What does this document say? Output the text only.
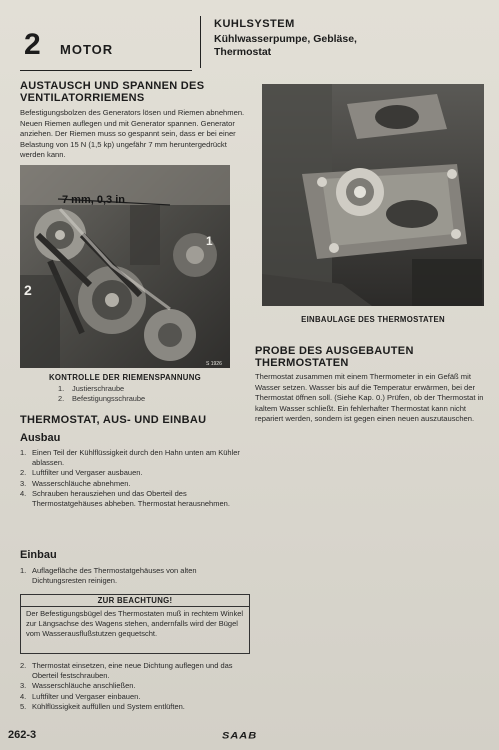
2 MOTOR
KUHLSYSTEM
Kühlwasserpumpe, Gebläse,
Thermostat
AUSTAUSCH UND SPANNEN DES
VENTILATORRIEMENS
Befestigungsbolzen des Generators lösen und Riemen abnehmen. Neuen Riemen auflegen und mit Generator spannen. Generator anziehen. Der Riemen muss so gespannt sein, dass er bei einer Belastung von 15 N (1,5 kp) ungefähr 7 mm heruntergedrückt werden kann.
7 mm, 0,3 in
1
2
S 1926
KONTROLLE DER RIEMENSPANNUNG
1. Justierschraube
2. Befestigungsschraube
THERMOSTAT, AUS- UND EINBAU
Ausbau
1. Einen Teil der Kühlflüssigkeit durch den Hahn unten am Kühler ablassen.
2. Luftfilter und Vergaser ausbauen.
3. Wasserschläuche abnehmen.
4. Schrauben herausziehen und das Oberteil des Thermostatgehäuses abheben. Thermostat herausnehmen.
Einbau
1. Auflagefläche des Thermostatgehäuses von alten Dichtungsresten reinigen.
ZUR BEACHTUNG!
Der Befestigungsbügel des Thermostaten muß in rechtem Winkel zur Längsachse des Wagens stehen, andernfalls wird der Bügel vom Wasserausflußstutzen gequetscht.
2. Thermostat einsetzen, eine neue Dichtung auflegen und das Oberteil festschrauben.
3. Wasserschläuche anschließen.
4. Luftfilter und Vergaser einbauen.
5. Kühlflüssigkeit auffüllen und System entlüften.
EINBAULAGE DES THERMOSTATEN
PROBE DES AUSGEBAUTEN
THERMOSTATEN
Thermostat zusammen mit einem Thermometer in ein Gefäß mit Wasser setzen. Wasser bis auf die Temperatur erwärmen, bei der Thermostat öffnen soll. (Siehe Kap. 0.) Prüfen, ob der Thermostat in kaltem Wasser schließt. Ein fehlerhafter Thermostat kann nicht repariert werden, sondern ist gegen einen neuen auszutauschen.
262-3	SAAB
